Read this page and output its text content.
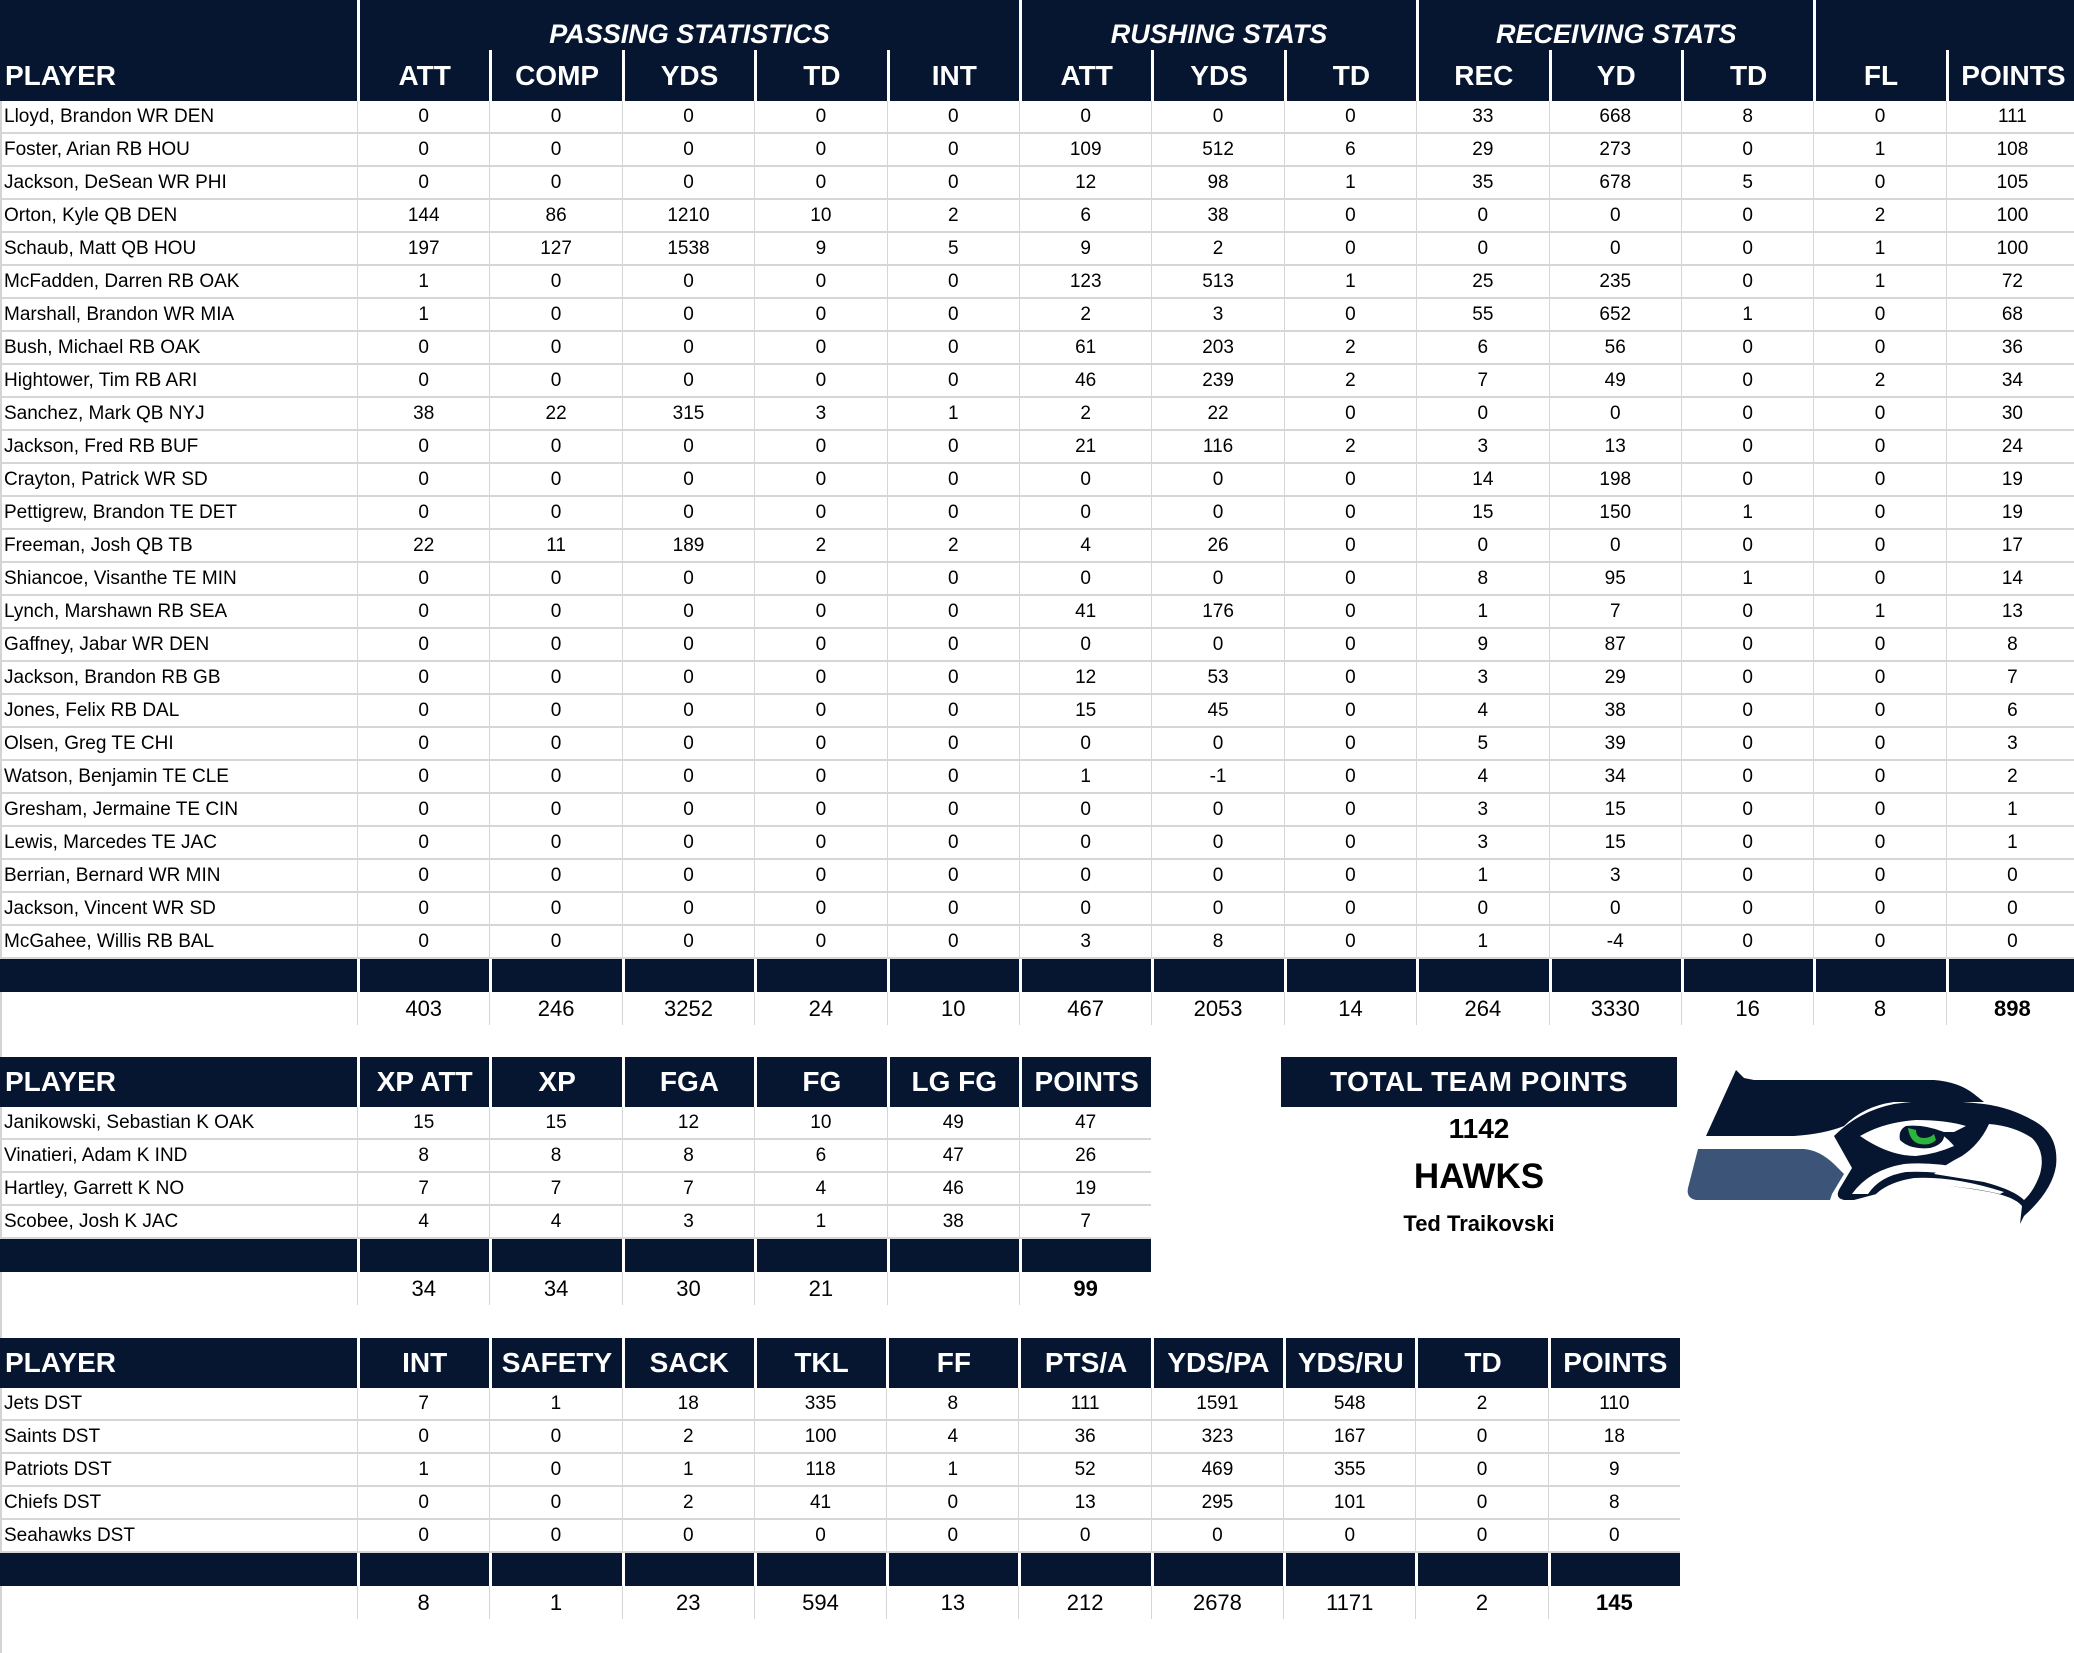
	PASSING STATISTICS					RUSHING STATS			RECEIVING STATS				
PLAYER	ATT	COMP	YDS	TD	INT	ATT	YDS	TD	REC	YD	TD	FL	POINTS
Lloyd, Brandon WR DEN	0	0	0	0	0	0	0	0	33	668	8	0	111
Foster, Arian RB HOU	0	0	0	0	0	109	512	6	29	273	0	1	108
Jackson, DeSean WR PHI	0	0	0	0	0	12	98	1	35	678	5	0	105
Orton, Kyle QB DEN	144	86	1210	10	2	6	38	0	0	0	0	2	100
Schaub, Matt QB HOU	197	127	1538	9	5	9	2	0	0	0	0	1	100
McFadden, Darren RB OAK	1	0	0	0	0	123	513	1	25	235	0	1	72
Marshall, Brandon WR MIA	1	0	0	0	0	2	3	0	55	652	1	0	68
Bush, Michael RB OAK	0	0	0	0	0	61	203	2	6	56	0	0	36
Hightower, Tim RB ARI	0	0	0	0	0	46	239	2	7	49	0	2	34
Sanchez, Mark QB NYJ	38	22	315	3	1	2	22	0	0	0	0	0	30
Jackson, Fred RB BUF	0	0	0	0	0	21	116	2	3	13	0	0	24
Crayton, Patrick WR SD	0	0	0	0	0	0	0	0	14	198	0	0	19
Pettigrew, Brandon TE DET	0	0	0	0	0	0	0	0	15	150	1	0	19
Freeman, Josh QB TB	22	11	189	2	2	4	26	0	0	0	0	0	17
Shiancoe, Visanthe TE MIN	0	0	0	0	0	0	0	0	8	95	1	0	14
Lynch, Marshawn RB SEA	0	0	0	0	0	41	176	0	1	7	0	1	13
Gaffney, Jabar WR DEN	0	0	0	0	0	0	0	0	9	87	0	0	8
Jackson, Brandon RB GB	0	0	0	0	0	12	53	0	3	29	0	0	7
Jones, Felix RB DAL	0	0	0	0	0	15	45	0	4	38	0	0	6
Olsen, Greg TE CHI	0	0	0	0	0	0	0	0	5	39	0	0	3
Watson, Benjamin TE CLE	0	0	0	0	0	1	-1	0	4	34	0	0	2
Gresham, Jermaine TE CIN	0	0	0	0	0	0	0	0	3	15	0	0	1
Lewis, Marcedes TE JAC	0	0	0	0	0	0	0	0	3	15	0	0	1
Berrian, Bernard WR MIN	0	0	0	0	0	0	0	0	1	3	0	0	0
Jackson, Vincent WR SD	0	0	0	0	0	0	0	0	0	0	0	0	0
McGahee, Willis RB BAL	0	0	0	0	0	3	8	0	1	-4	0	0	0

	403	246	3252	24	10	467	2053	14	264	3330	16	8	898
PLAYER	XP ATT	XP	FGA	FG	LG FG	POINTS
Janikowski, Sebastian K OAK	15	15	12	10	49	47
Vinatieri, Adam K IND	8	8	8	6	47	26
Hartley, Garrett K NO	7	7	7	4	46	19
Scobee, Josh K JAC	4	4	3	1	38	7

	34	34	30	21		99
TOTAL TEAM POINTS
1142
HAWKS
Ted Traikovski
PLAYER	INT	SAFETY	SACK	TKL	FF	PTS/A	YDS/PA	YDS/RU	TD	POINTS
Jets DST	7	1	18	335	8	111	1591	548	2	110
Saints DST	0	0	2	100	4	36	323	167	0	18
Patriots DST	1	0	1	118	1	52	469	355	0	9
Chiefs DST	0	0	2	41	0	13	295	101	0	8
Seahawks DST	0	0	0	0	0	0	0	0	0	0

	8	1	23	594	13	212	2678	1171	2	145
